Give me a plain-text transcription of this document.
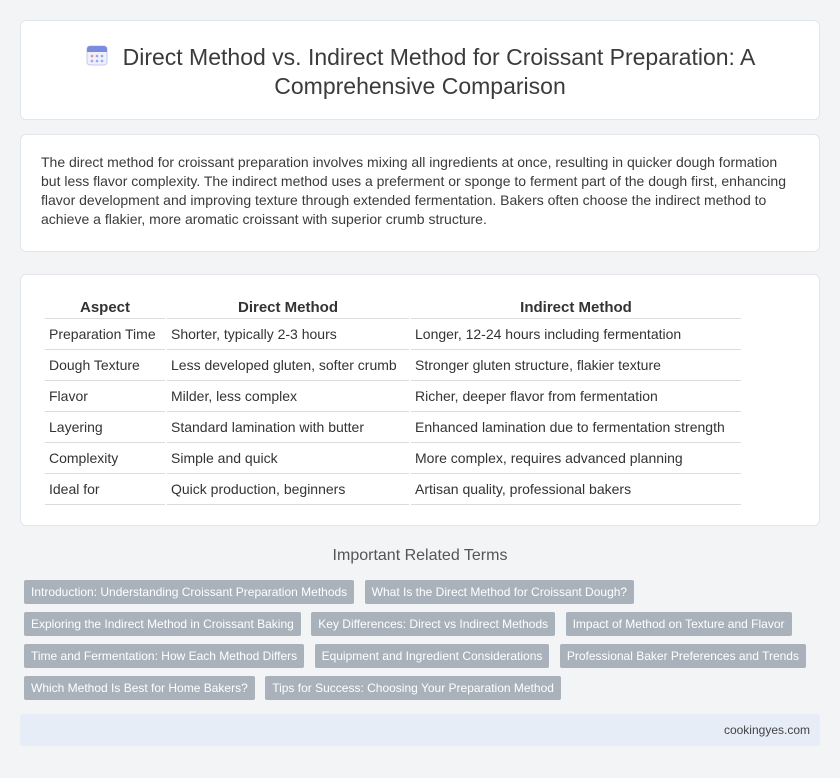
Direct Method vs. Indirect Method for Croissant Preparation: A Comprehensive Comparison

The direct method for croissant preparation involves mixing all ingredients at once, resulting in quicker dough formation but less flavor complexity. The indirect method uses a preferment or sponge to ferment part of the dough first, enhancing flavor development and improving texture through extended fermentation. Bakers often choose the indirect method to achieve a flakier, more aromatic croissant with superior crumb structure.

Aspect	Direct Method	Indirect Method
Preparation Time	Shorter, typically 2-3 hours	Longer, 12-24 hours including fermentation
Dough Texture	Less developed gluten, softer crumb	Stronger gluten structure, flakier texture
Flavor	Milder, less complex	Richer, deeper flavor from fermentation
Layering	Standard lamination with butter	Enhanced lamination due to fermentation strength
Complexity	Simple and quick	More complex, requires advanced planning
Ideal for	Quick production, beginners	Artisan quality, professional bakers
Important Related Terms
Introduction: Understanding Croissant Preparation Methods What Is the Direct Method for Croissant Dough?
Exploring the Indirect Method in Croissant Baking Key Differences: Direct vs Indirect Methods Impact of Method on Texture and Flavor
Time and Fermentation: How Each Method Differs Equipment and Ingredient Considerations Professional Baker Preferences and Trends
Which Method Is Best for Home Bakers? Tips for Success: Choosing Your Preparation Method
cookingyes.com
